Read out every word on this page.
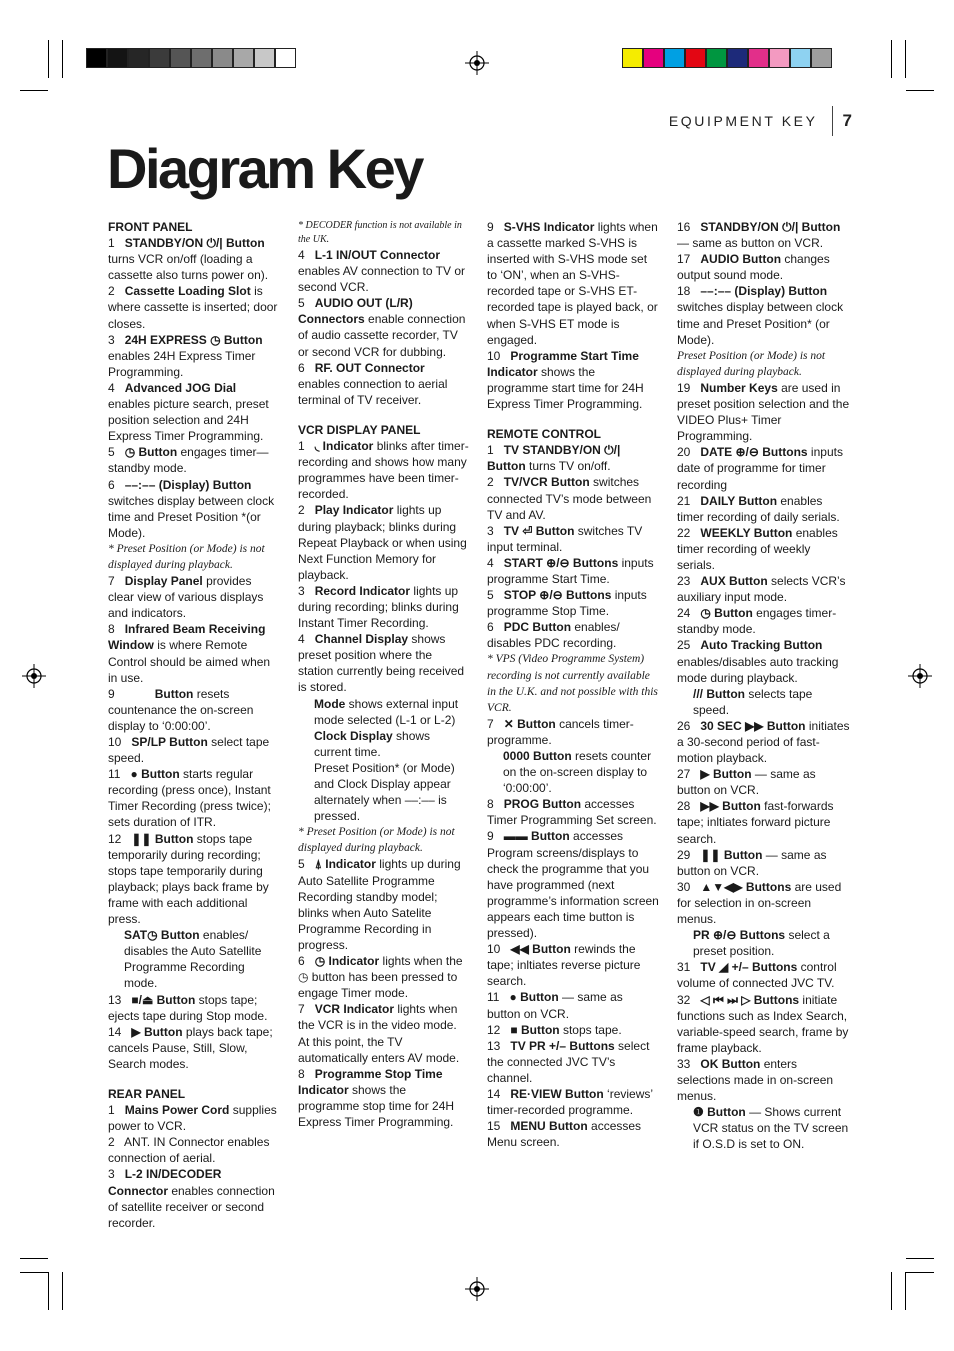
EQUIPMENT KEY 7
Diagram Key
FRONT PANEL

1 STANDBY/ON ⏻/| Button turns VCR on/off (loading a cassette also turns power on).

2 Cassette Loading Slot is where cassette is inserted; door closes.

3 24H EXPRESS ◷ Button enables 24H Express Timer Programming.

4 Advanced JOG Dial enables picture search, preset position selection and 24H Express Timer Programming.

5 ◷ Button engages timer— standby mode.

6 ––:–– (Display) Button switches display between clock time and Preset Position *(or Mode).

* Preset Position (or Mode) is not displayed during playback.

7 Display Panel provides clear view of various displays and indicators.

8 Infrared Beam Receiving Window is where Remote Control should be aimed when in use.

9	Button resets countenance the on-screen display to ‘0:00:00’.

10 SP/LP Button select tape speed.

11 ● Button starts regular recording (press once), Instant Timer Recording (press twice); sets duration of ITR.

12 ❚❚ Button stops tape temporarily during recording; stops tape temporarily during playback; plays back frame by frame with each additional press.

SAT◷ Button enables/ disables the Auto Satellite Programme Recording mode.

13 ■/⏏ Button stops tape; ejects tape during Stop mode.

14 ▶ Button plays back tape; cancels Pause, Still, Slow, Search modes.

REAR PANEL

1 Mains Power Cord supplies power to VCR.

2 ANT. IN Connector enables connection of aerial.

3 L-2 IN/DECODER Connector enables connection of satellite receiver or second recorder.

* DECODER function is not available in the UK.

4 L-1 IN/OUT Connector enables AV connection to TV or second VCR.

5 AUDIO OUT (L/R) Connectors enable connection of audio cassette recorder, TV or second VCR for dubbing.

6 RF. OUT Connector enables connection to aerial terminal of TV receiver.

VCR DISPLAY PANEL

1 ◟ Indicator blinks after timer-recording and shows how many programmes have been timer-recorded.

2 Play Indicator lights up during playback; blinks during Repeat Playback or when using Next Function Memory for playback.

3 Record Indicator lights up during recording; blinks during Instant Timer Recording.

4 Channel Display shows preset position where the station currently being received is stored.

Mode shows external input mode selected (L-1 or L-2)

Clock Display shows current time.

Preset Position* (or Mode) and Clock Display appear alternately when ––:–– is pressed.

* Preset Position (or Mode) is not displayed during playback.

5 ⍋ Indicator lights up during Auto Satellite Programme Recording standby model; blinks when Auto Satelite Programme Recording in progress.

6 ◷ Indicator lights when the ◷ button has been pressed to engage Timer mode.

7 VCR Indicator lights when the VCR is in the video mode. At this point, the TV automatically enters AV mode.

8 Programme Stop Time Indicator shows the programme stop time for 24H Express Timer Programming.

9 S-VHS Indicator lights when a cassette marked S-VHS is inserted with S-VHS mode set to ‘ON’, when an S-VHS-recorded tape or S-VHS ET-recorded tape is played back, or when S-VHS ET mode is engaged.

10 Programme Start Time Indicator shows the programme start time for 24H Express Timer Programming.

REMOTE CONTROL

1 TV STANDBY/ON ⏻/| Button turns TV on/off.

2 TV/VCR Button switches connected TV’s mode between TV and AV.

3 TV ⏎ Button switches TV input terminal.

4 START ⊕/⊖ Buttons inputs programme Start Time.

5 STOP ⊕/⊖ Buttons inputs programme Stop Time.

6 PDC Button enables/ disables PDC recording.

* VPS (Video Programme System) recording is not currently available in the U.K. and not possible with this VCR.

7 ✕ Button cancels timer-programme.

0000 Button resets counter on the on-screen display to ‘0:00:00’.

8 PROG Button accesses Timer Programming Set screen.

9 ▬▬ Button accesses Program screens/displays to check the programme that you have programmed (next programme’s information screen appears each time button is pressed).

10 ◀◀ Button rewinds the tape; inltiates reverse picture search.

11 ● Button — same as button on VCR.

12 ■ Button stops tape.

13 TV PR +/– Buttons select the connected JVC TV’s channel.

14 RE·VIEW Button ‘reviews’ timer-recorded programme.

15 MENU Button accesses Menu screen.

16 STANDBY/ON ⏻/| Button — same as button on VCR.

17 AUDIO Button changes output sound mode.

18 ––:–– (Display) Button switches display between clock time and Preset Position* (or Mode).

Preset Position (or Mode) is not displayed during playback.

19 Number Keys are used in preset position selection and the VIDEO Plus+ Timer Programming.

20 DATE ⊕/⊖ Buttons inputs date of programme for timer recording

21 DAILY Button enables timer recording of daily serials.

22 WEEKLY Button enables timer recording of weekly serials.

23 AUX Button selects VCR’s auxiliary input mode.

24 ◷ Button engages timer-standby mode.

25 Auto Tracking Button enables/disables auto tracking mode during playback.

/// Button selects tape speed.

26 30 SEC ▶▶ Button initiates a 30-second period of fast-motion playback.

27 ▶ Button — same as button on VCR.

28 ▶▶ Button fast-forwards tape; inltiates forward picture search.

29 ❚❚ Button — same as button on VCR.

30 ▲▼◀▶ Buttons are used for selection in on-screen menus.

PR ⊕/⊖ Buttons select a preset position.

31 TV ◢ +/– Buttons control volume of connected JVC TV.

32 ◁ ⏮ ⏭ ▷ Buttons initiate functions such as Index Search, variable-speed search, frame by frame playback.

33 OK Button enters selections made in on-screen menus.

❶ Button — Shows current VCR status on the TV screen if O.S.D is set to ON.
